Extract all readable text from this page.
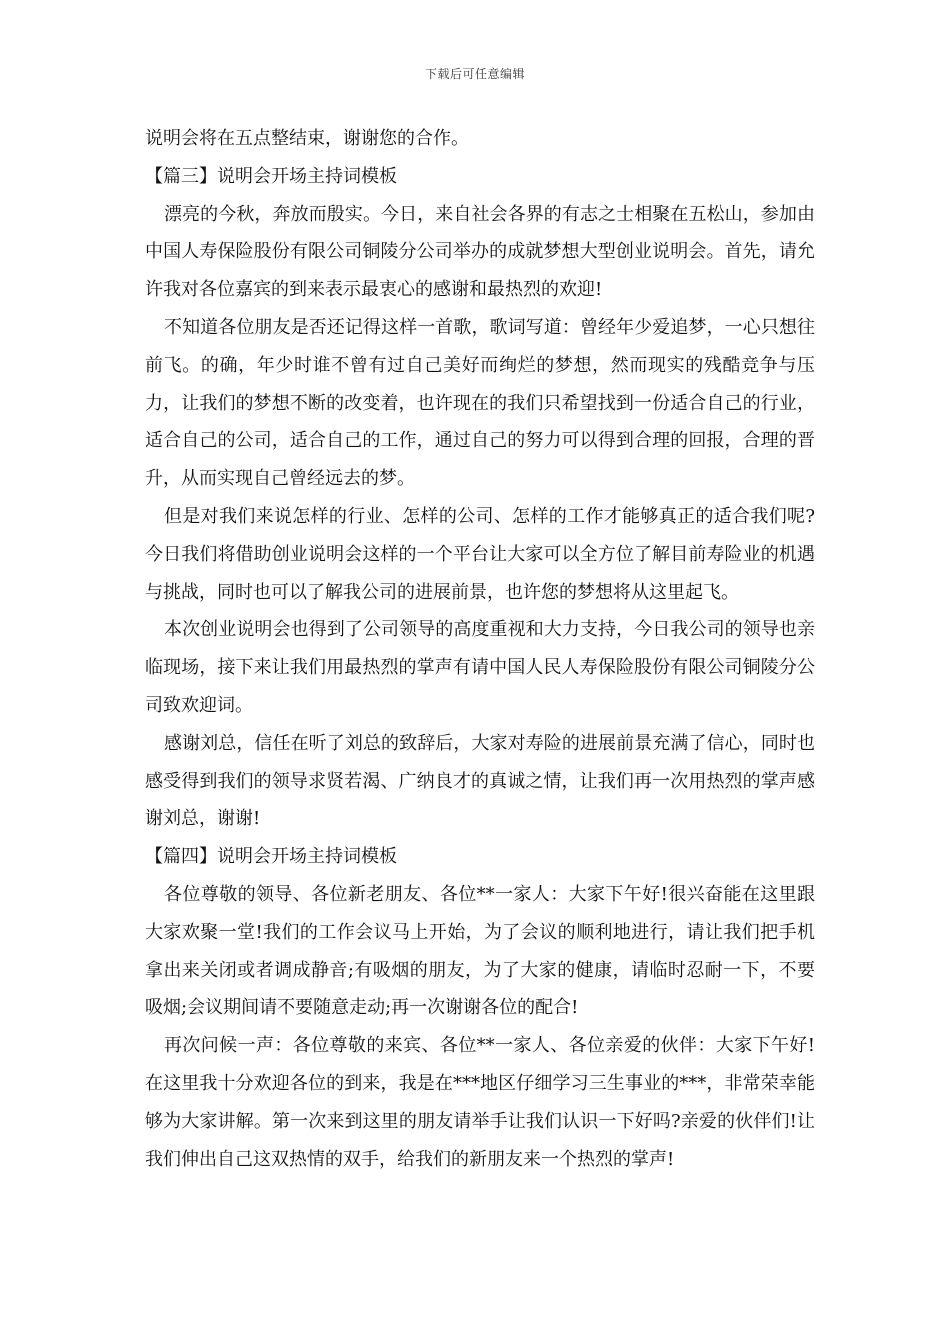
下载后可任意编辑

说明会将在五点整结束，谢谢您的合作。

【篇三】说明会开场主持词模板

漂亮的今秋，奔放而殷实。今日，来自社会各界的有志之士相聚在五松山，参加由中国人寿保险股份有限公司铜陵分公司举办的成就梦想大型创业说明会。首先，请允许我对各位嘉宾的到来表示最衷心的感谢和最热烈的欢迎!

不知道各位朋友是否还记得这样一首歌，歌词写道：曾经年少爱追梦，一心只想往前飞。的确，年少时谁不曾有过自己美好而绚烂的梦想，然而现实的残酷竞争与压力，让我们的梦想不断的改变着，也许现在的我们只希望找到一份适合自己的行业，适合自己的公司，适合自己的工作，通过自己的努力可以得到合理的回报，合理的晋升，从而实现自己曾经远去的梦。

但是对我们来说怎样的行业、怎样的公司、怎样的工作才能够真正的适合我们呢?今日我们将借助创业说明会这样的一个平台让大家可以全方位了解目前寿险业的机遇与挑战，同时也可以了解我公司的进展前景，也许您的梦想将从这里起飞。

本次创业说明会也得到了公司领导的高度重视和大力支持，今日我公司的领导也亲临现场，接下来让我们用最热烈的掌声有请中国人民人寿保险股份有限公司铜陵分公司致欢迎词。

感谢刘总，信任在听了刘总的致辞后，大家对寿险的进展前景充满了信心，同时也感受得到我们的领导求贤若渴、广纳良才的真诚之情，让我们再一次用热烈的掌声感谢刘总，谢谢!

【篇四】说明会开场主持词模板

各位尊敬的领导、各位新老朋友、各位**一家人：大家下午好!很兴奋能在这里跟大家欢聚一堂!我们的工作会议马上开始，为了会议的顺利地进行，请让我们把手机拿出来关闭或者调成静音;有吸烟的朋友，为了大家的健康，请临时忍耐一下，不要吸烟;会议期间请不要随意走动;再一次谢谢各位的配合!

再次问候一声：各位尊敬的来宾、各位**一家人、各位亲爱的伙伴：大家下午好!在这里我十分欢迎各位的到来，我是在***地区仔细学习三生事业的***，非常荣幸能够为大家讲解。第一次来到这里的朋友请举手让我们认识一下好吗?亲爱的伙伴们!让我们伸出自己这双热情的双手，给我们的新朋友来一个热烈的掌声!
